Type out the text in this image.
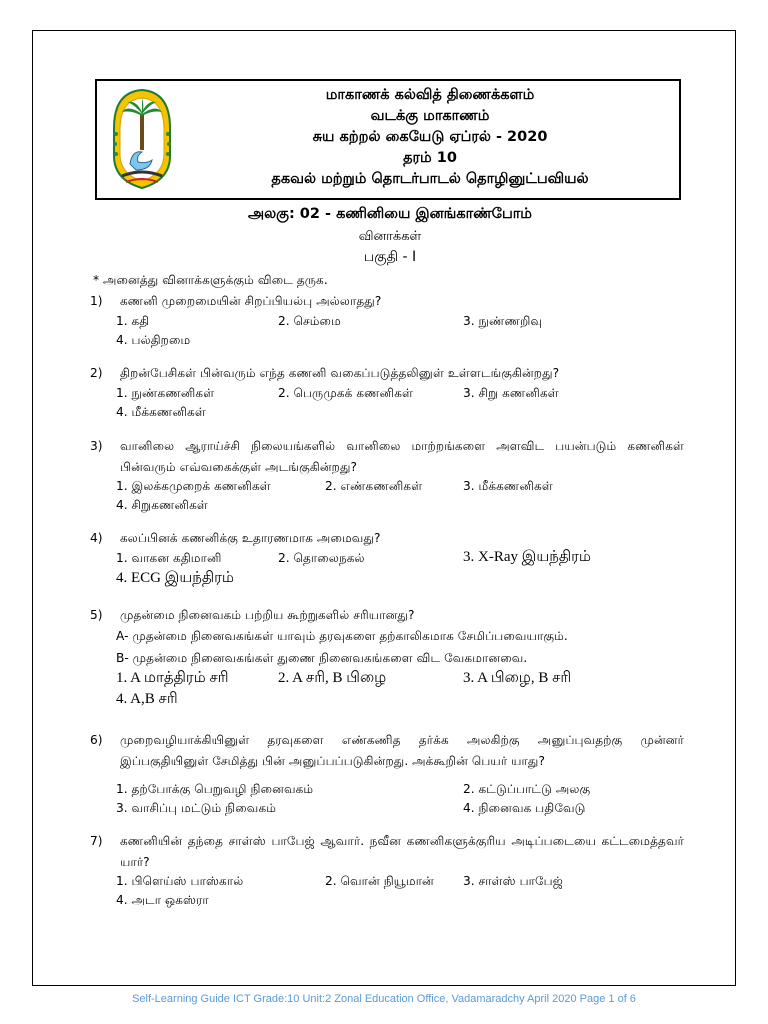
மாகாணக் கல்வித் திணைக்களம்
வடக்கு மாகாணம்
சுய கற்றல் கையேடு ஏப்ரல் - 2020
தரம் 10
தகவல் மற்றும் தொடர்பாடல் தொழினுட்பவியல்
அலகு: 02 - கணினியை இனங்காண்போம்
வினாக்கள்
பகுதி - I
* அனைத்து வினாக்களுக்கும் விடை தருக.
1) கணனி முறைமையின் சிறப்பியல்பு அல்லாதது?
1. கதி	2. செம்மை	3. நுண்ணறிவு
4. பல்திறமை
2) திறன்பேசிகள் பின்வரும் எந்த கணனி வகைப்படுத்தலினுள் உள்ளடங்குகின்றது?
1. நுண்கணனிகள்	2. பெருமுகக் கணனிகள்	3. சிறு கணனிகள்
4. மீக்கணனிகள்
3) வானிலை ஆராய்ச்சி நிலையங்களில் வானிலை மாற்றங்களை அளவிட பயன்படும் கணனிகள் பின்வரும் எவ்வகைக்குள் அடங்குகின்றது?
1. இலக்கமுறைக் கணனிகள்	2. எண்கணனிகள்	3. மீக்கணனிகள்
4. சிறுகணனிகள்
4) கலப்பினக் கணனிக்கு உதாரணமாக அமைவது?
1. வாகன கதிமானி	2. தொலைநகல்	3. X-Ray இயந்திரம்
4. ECG இயந்திரம்
5) முதன்மை நினைவகம் பற்றிய கூற்றுகளில் சரியானது?
A- முதன்மை நினைவகங்கள் யாவும் தரவுகளை தற்காலிகமாக சேமிப்பவையாகும்.
B- முதன்மை நினைவகங்கள் துணை நினைவகங்களை விட வேகமானவை.
1. A மாத்திரம் சரி	2. A சரி, B பிழை	3. A பிழை, B சரி
4. A,B சரி
6) முறைவழியாக்கியினுள் தரவுகளை எண்கணித தர்க்க அலகிற்கு அனுப்புவதற்கு முன்னர் இப்பகுதியினுள் சேமித்து பின் அனுப்பப்படுகின்றது. அக்கூறின் பெயர் யாது?
1. தற்போக்கு பெறுவழி நினைவகம்	2. கட்டுப்பாட்டு அலகு
3. வாசிப்பு மட்டும் நிவைகம்	4. நினைவக பதிவேடு
7) கணனியின் தந்தை சாள்ஸ் பாபேஜ் ஆவார். நவீன கணனிகளுக்குரிய அடிப்படையை கட்டமைத்தவர் யார்?
1. பிளெய்ஸ் பாஸ்கால்	2. வொன் நியூமான் 3. சாள்ஸ் பாபேஜ்
4. அடா ஒகஸ்ரா
Self-Learning Guide ICT Grade:10 Unit:2 Zonal Education Office, Vadamaradchy April 2020 Page 1 of 6
